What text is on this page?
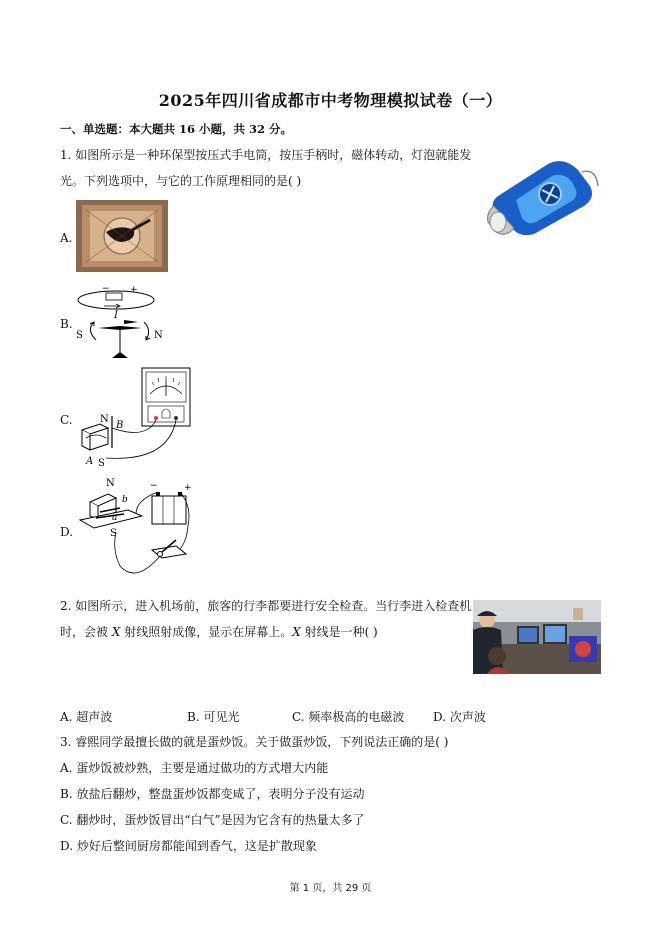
2025年四川省成都市中考物理模拟试卷（一）
一、单选题：本大题共 16 小题，共 32 分。
1. 如图所示是一种环保型按压式手电筒，按压手柄时，磁体转动，灯泡就能发
光。下列选项中，与它的工作原理相同的是( )
A.
B.
− +
I
S	N
C.	N
B
A S
D.
N
b
a
S
−	+
2. 如图所示，进入机场前，旅客的行李都要进行安全检查。当行李进入检查机
时，会被 X 射线照射成像，显示在屏幕上。X 射线是一种( )
A. 超声波	B. 可见光	C. 频率极高的电磁波 D. 次声波
3. 睿熙同学最擅长做的就是蛋炒饭。关于做蛋炒饭，下列说法正确的是( )
A. 蛋炒饭被炒熟，主要是通过做功的方式增大内能
B. 放盐后翻炒，整盘蛋炒饭都变咸了，表明分子没有运动
C. 翻炒时，蛋炒饭冒出“白气”是因为它含有的热量太多了
D. 炒好后整间厨房都能闻到香气，这是扩散现象
第 1 页，共 29 页
